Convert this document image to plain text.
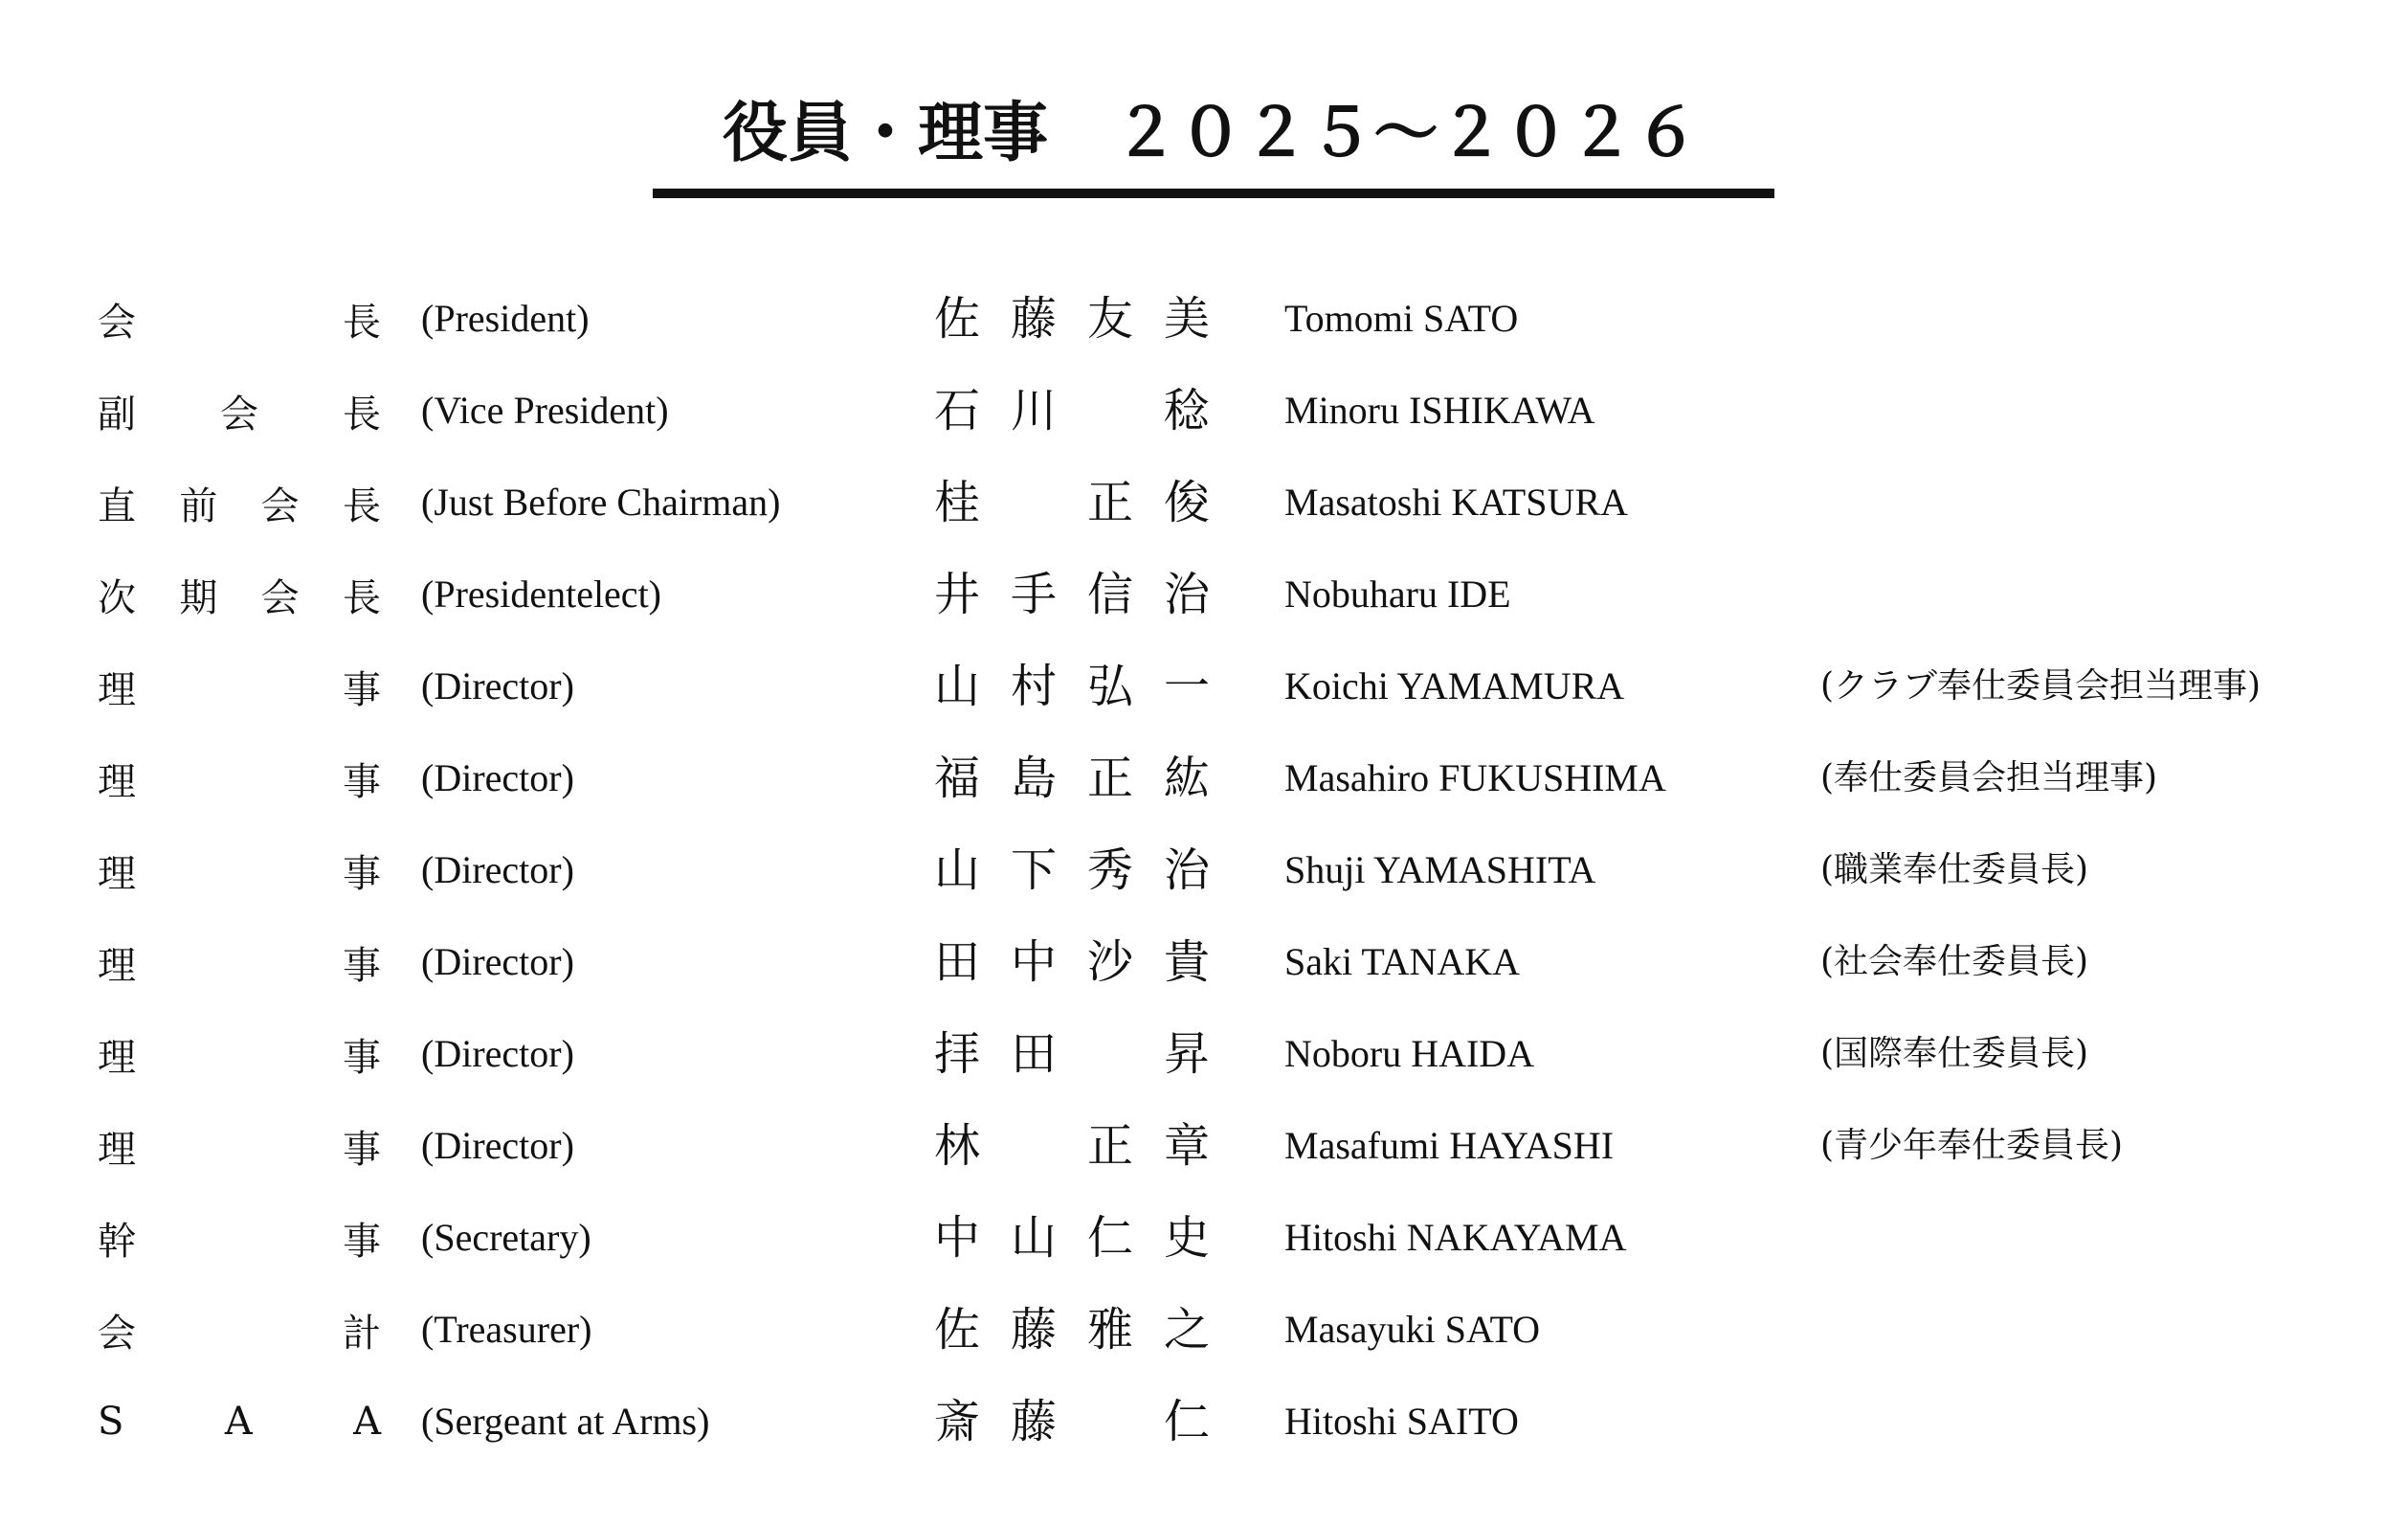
役員・理事　２０２５～２０２６
会	長 (President)	佐 藤 友 美 Tomomi SATO
副 会 長 (Vice President)	石 川 稔 Minoru ISHIKAWA
直 前 会 長 (Just Before Chairman)	桂 正 俊 Masatoshi KATSURA
次 期 会 長 (Presidentelect)	井 手 信 治 Nobuharu IDE
理	事 (Director)	山 村 弘 一 Koichi YAMAMURA	(クラブ奉仕委員会担当理事)
理	事 (Director)	福 島 正 紘 Masahiro FUKUSHIMA	(奉仕委員会担当理事)
理	事 (Director)	山 下 秀 治 Shuji YAMASHITA	(職業奉仕委員長)
理	事 (Director)	田 中 沙 貴 Saki TANAKA	(社会奉仕委員長)
理	事 (Director)	拝 田 昇 Noboru HAIDA	(国際奉仕委員長)
理	事 (Director)	林 正 章 Masafumi HAYASHI	(青少年奉仕委員長)
幹	事 (Secretary)	中 山 仁 史 Hitoshi NAKAYAMA
会	計 (Treasurer)	佐 藤 雅 之 Masayuki SATO
S	A	A (Sergeant at Arms)	斎 藤 仁 Hitoshi SAITO
